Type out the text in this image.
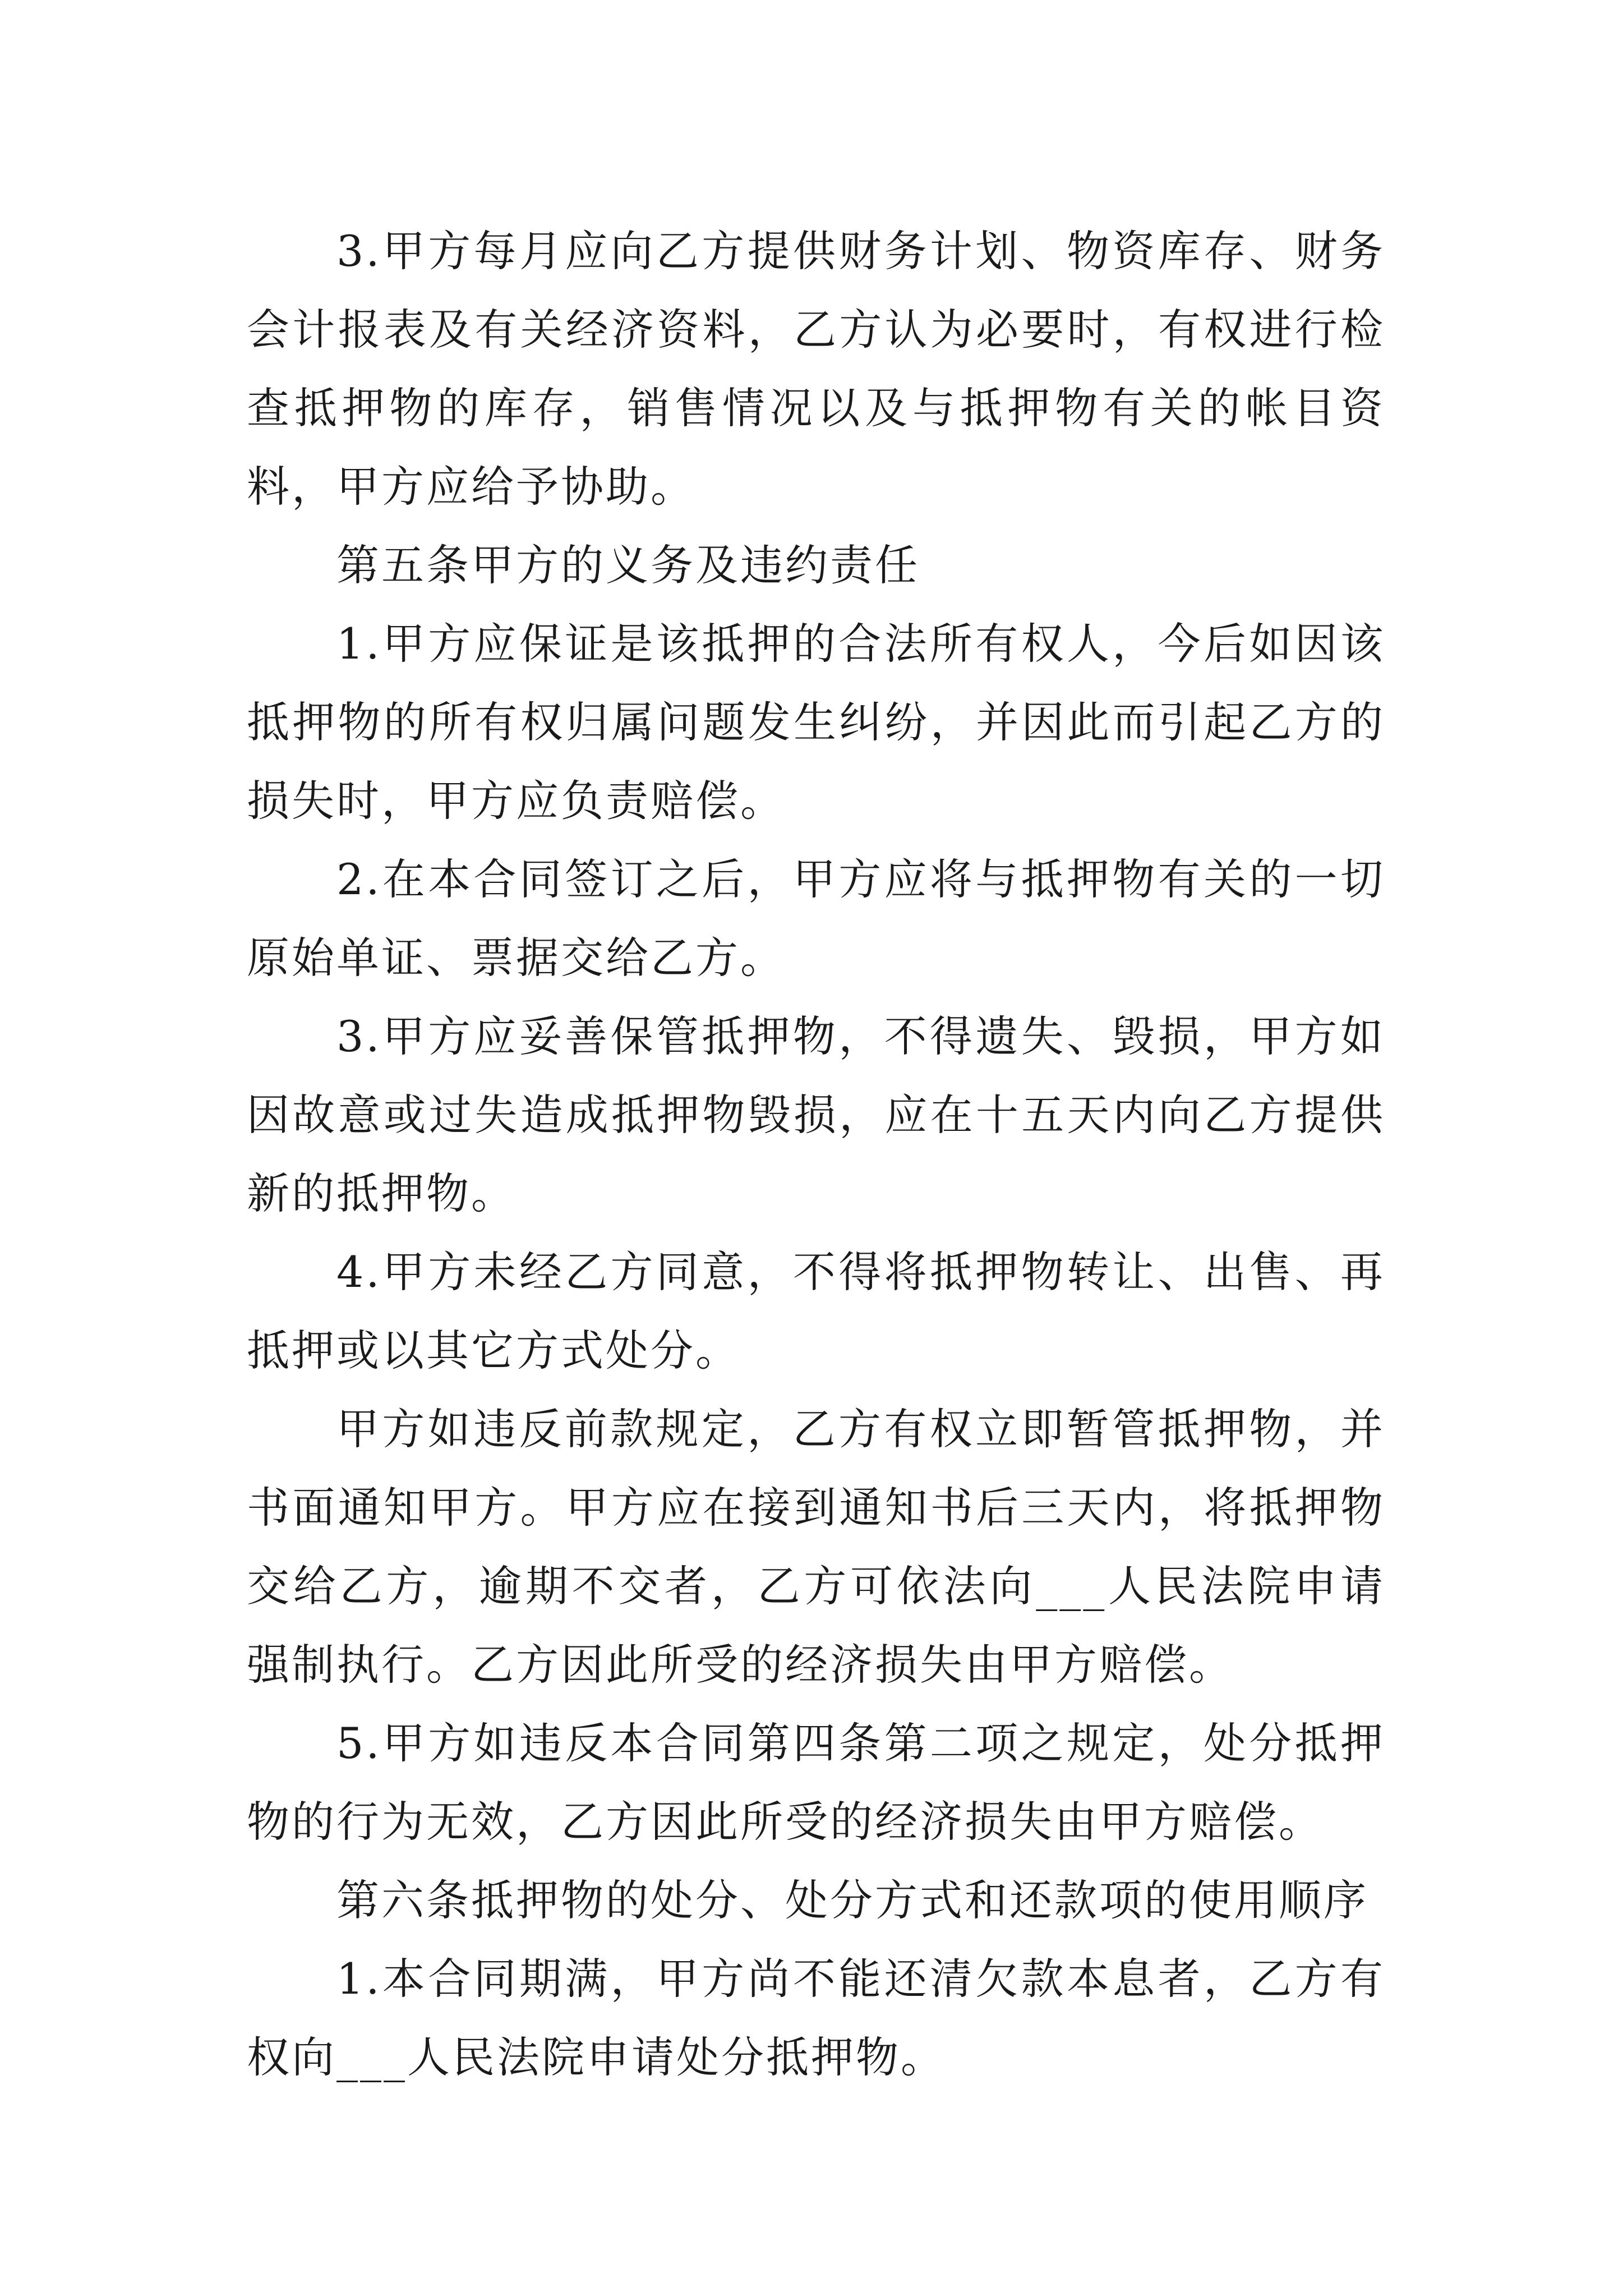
3.甲方每月应向乙方提供财务计划、物资库存、财务会计报表及有关经济资料，乙方认为必要时，有权进行检查抵押物的库存，销售情况以及与抵押物有关的帐目资料，甲方应给予协助。

第五条甲方的义务及违约责任

1.甲方应保证是该抵押的合法所有权人，今后如因该抵押物的所有权归属问题发生纠纷，并因此而引起乙方的损失时，甲方应负责赔偿。

2.在本合同签订之后，甲方应将与抵押物有关的一切原始单证、票据交给乙方。

3.甲方应妥善保管抵押物，不得遗失、毁损，甲方如因故意或过失造成抵押物毁损，应在十五天内向乙方提供新的抵押物。

4.甲方未经乙方同意，不得将抵押物转让、出售、再抵押或以其它方式处分。

甲方如违反前款规定，乙方有权立即暂管抵押物，并书面通知甲方。甲方应在接到通知书后三天内，将抵押物交给乙方，逾期不交者，乙方可依法向___人民法院申请强制执行。乙方因此所受的经济损失由甲方赔偿。

5.甲方如违反本合同第四条第二项之规定，处分抵押物的行为无效，乙方因此所受的经济损失由甲方赔偿。

第六条抵押物的处分、处分方式和还款项的使用顺序

1.本合同期满，甲方尚不能还清欠款本息者，乙方有权向___人民法院申请处分抵押物。
